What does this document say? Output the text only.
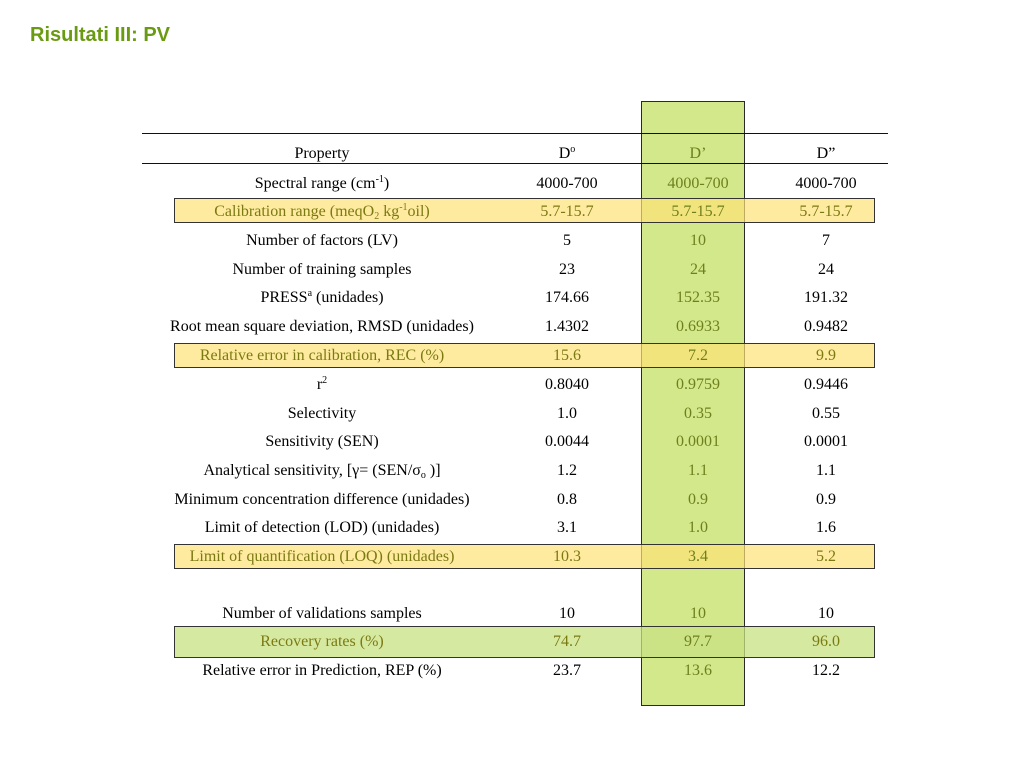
Risultati III: PV
Property	$D^o$	D’	D”
Spectral range $(cm^{-1})$	4000-700	4000-700	4000-700
Calibration range (meqO$_2$ $kg^{-1}oil$)	5.7-15.7	5.7-15.7	5.7-15.7
Number of factors (LV)	5	10	7
Number of training samples	23	24	24
PRESS$^a$ (unidades)	174.66	152.35	191.32
Root mean square deviation, RMSD (unidades)	1.4302	0.6933	0.9482
Relative error in calibration, REC (%)	15.6	7.2	9.9
$r^2$	0.8040	0.9759	0.9446
Selectivity	1.0	0.35	0.55
Sensitivity (SEN)	0.0044	0.0001	0.0001
Analytical sensitivity, [$\gamma= (SEN/\sigma_o$ )]	1.2	1.1	1.1
Minimum concentration difference (unidades)	0.8	0.9	0.9
Limit of detection (LOD) (unidades)	3.1	1.0	1.6
Limit of quantification (LOQ) (unidades)	10.3	3.4	5.2
Number of validations samples	10	10	10
Recovery rates (%)	74.7	97.7	96.0
Relative error in Prediction, REP (%)	23.7	13.6	12.2
